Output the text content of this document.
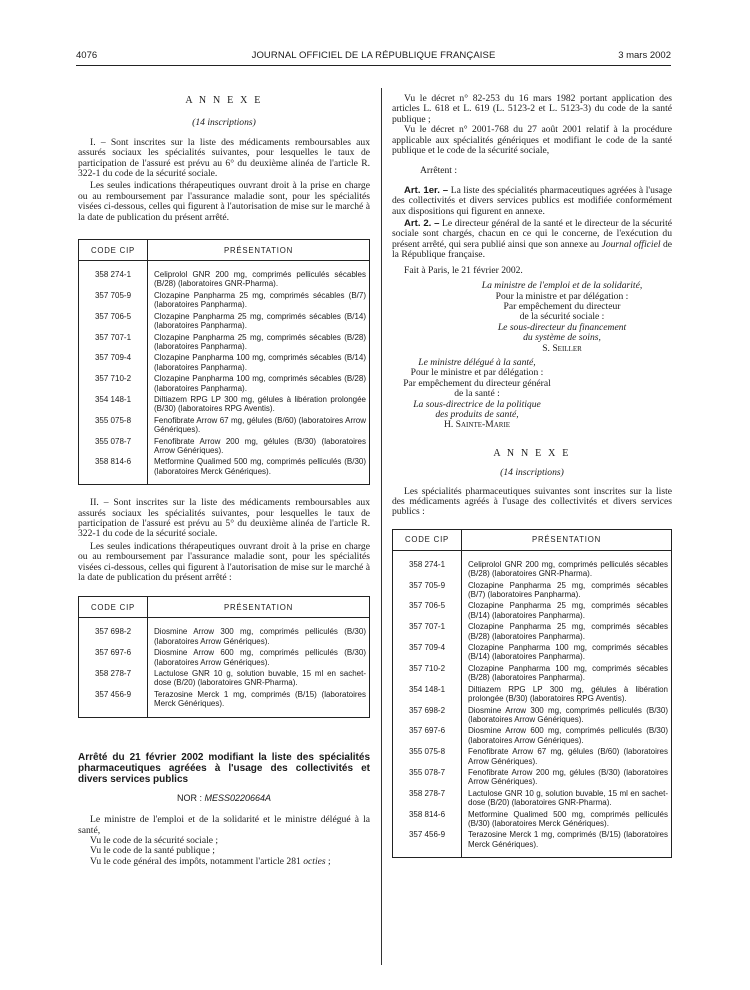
4076	JOURNAL OFFICIEL DE LA RÉPUBLIQUE FRANÇAISE	3 mars 2002

A N N E X E

(14 inscriptions)

I. – Sont inscrites sur la liste des médicaments remboursables aux assurés sociaux les spécialités suivantes, pour lesquelles le taux de participation de l'assuré est prévu au 6° du deuxième alinéa de l'article R. 322-1 du code de la sécurité sociale.

Les seules indications thérapeutiques ouvrant droit à la prise en charge ou au remboursement par l'assurance maladie sont, pour les spécialités visées ci-dessous, celles qui figurent à l'autorisation de mise sur le marché à la date de publication du présent arrêté.

CODE CIP	PRÉSENTATION

358 274-1	Celiprolol GNR 200 mg, comprimés pelliculés sécables (B/28) (laboratoires GNR-Pharma).
357 705-9	Clozapine Panpharma 25 mg, comprimés sécables (B/7) (laboratoires Panpharma).
357 706-5	Clozapine Panpharma 25 mg, comprimés sécables (B/14) (laboratoires Panpharma).
357 707-1	Clozapine Panpharma 25 mg, comprimés sécables (B/28) (laboratoires Panpharma).
357 709-4	Clozapine Panpharma 100 mg, comprimés sécables (B/14) (laboratoires Panpharma).
357 710-2	Clozapine Panpharma 100 mg, comprimés sécables (B/28) (laboratoires Panpharma).
354 148-1	Diltiazem RPG LP 300 mg, gélules à libération prolongée (B/30) (laboratoires RPG Aventis).
355 075-8	Fenofibrate Arrow 67 mg, gélules (B/60) (laboratoires Arrow Génériques).
355 078-7	Fenofibrate Arrow 200 mg, gélules (B/30) (laboratoires Arrow Génériques).
358 814-6	Metformine Qualimed 500 mg, comprimés pelliculés (B/30) (laboratoires Merck Génériques).

II. – Sont inscrites sur la liste des médicaments remboursables aux assurés sociaux les spécialités suivantes, pour lesquelles le taux de participation de l'assuré est prévu au 5° du deuxième alinéa de l'article R. 322-1 du code de la sécurité sociale.

Les seules indications thérapeutiques ouvrant droit à la prise en charge ou au remboursement par l'assurance maladie sont, pour les spécialités visées ci-dessous, celles qui figurent à l'autorisation de mise sur le marché à la date de publication du présent arrêté :

CODE CIP	PRÉSENTATION

357 698-2	Diosmine Arrow 300 mg, comprimés pelliculés (B/30) (laboratoires Arrow Génériques).
357 697-6	Diosmine Arrow 600 mg, comprimés pelliculés (B/30) (laboratoires Arrow Génériques).
358 278-7	Lactulose GNR 10 g, solution buvable, 15 ml en sachet-dose (B/20) (laboratoires GNR-Pharma).
357 456-9	Terazosine Merck 1 mg, comprimés (B/15) (laboratoires Merck Génériques).

Arrêté du 21 février 2002 modifiant la liste des spécialités pharmaceutiques agréées à l'usage des collectivités et divers services publics

NOR : MESS0220664A

Le ministre de l'emploi et de la solidarité et le ministre délégué à la santé,

Vu le code de la sécurité sociale ;

Vu le code de la santé publique ;

Vu le code général des impôts, notamment l'article 281 octies ;

Vu le décret n° 82-253 du 16 mars 1982 portant application des articles L. 618 et L. 619 (L. 5123-2 et L. 5123-3) du code de la santé publique ;

Vu le décret n° 2001-768 du 27 août 2001 relatif à la procédure applicable aux spécialités génériques et modifiant le code de la santé publique et le code de la sécurité sociale,

Arrêtent :

Art. 1er. – La liste des spécialités pharmaceutiques agréées à l'usage des collectivités et divers services publics est modifiée conformément aux dispositions qui figurent en annexe.

Art. 2. – Le directeur général de la santé et le directeur de la sécurité sociale sont chargés, chacun en ce qui le concerne, de l'exécution du présent arrêté, qui sera publié ainsi que son annexe au Journal officiel de la République française.

Fait à Paris, le 21 février 2002.

La ministre de l'emploi et de la solidarité,
Pour la ministre et par délégation :
Par empêchement du directeur
de la sécurité sociale :
Le sous-directeur du financement
du système de soins,
S. Seiller
Le ministre délégué à la santé,
Pour le ministre et par délégation :
Par empêchement du directeur général
de la santé :
La sous-directrice de la politique
des produits de santé,
H. Sainte-Marie

A N N E X E

(14 inscriptions)

Les spécialités pharmaceutiques suivantes sont inscrites sur la liste des médicaments agréés à l'usage des collectivités et divers services publics :

CODE CIP	PRÉSENTATION

358 274-1	Celiprolol GNR 200 mg, comprimés pelliculés sécables (B/28) (laboratoires GNR-Pharma).
357 705-9	Clozapine Panpharma 25 mg, comprimés sécables (B/7) (laboratoires Panpharma).
357 706-5	Clozapine Panpharma 25 mg, comprimés sécables (B/14) (laboratoires Panpharma).
357 707-1	Clozapine Panpharma 25 mg, comprimés sécables (B/28) (laboratoires Panpharma).
357 709-4	Clozapine Panpharma 100 mg, comprimés sécables (B/14) (laboratoires Panpharma).
357 710-2	Clozapine Panpharma 100 mg, comprimés sécables (B/28) (laboratoires Panpharma).
354 148-1	Diltiazem RPG LP 300 mg, gélules à libération prolongée (B/30) (laboratoires RPG Aventis).
357 698-2	Diosmine Arrow 300 mg, comprimés pelliculés (B/30) (laboratoires Arrow Génériques).
357 697-6	Diosmine Arrow 600 mg, comprimés pelliculés (B/30) (laboratoires Arrow Génériques).
355 075-8	Fenofibrate Arrow 67 mg, gélules (B/60) (laboratoires Arrow Génériques).
355 078-7	Fenofibrate Arrow 200 mg, gélules (B/30) (laboratoires Arrow Génériques).
358 278-7	Lactulose GNR 10 g, solution buvable, 15 ml en sachet-dose (B/20) (laboratoires GNR-Pharma).
358 814-6	Metformine Qualimed 500 mg, comprimés pelliculés (B/30) (laboratoires Merck Génériques).
357 456-9	Terazosine Merck 1 mg, comprimés (B/15) (laboratoires Merck Génériques).
